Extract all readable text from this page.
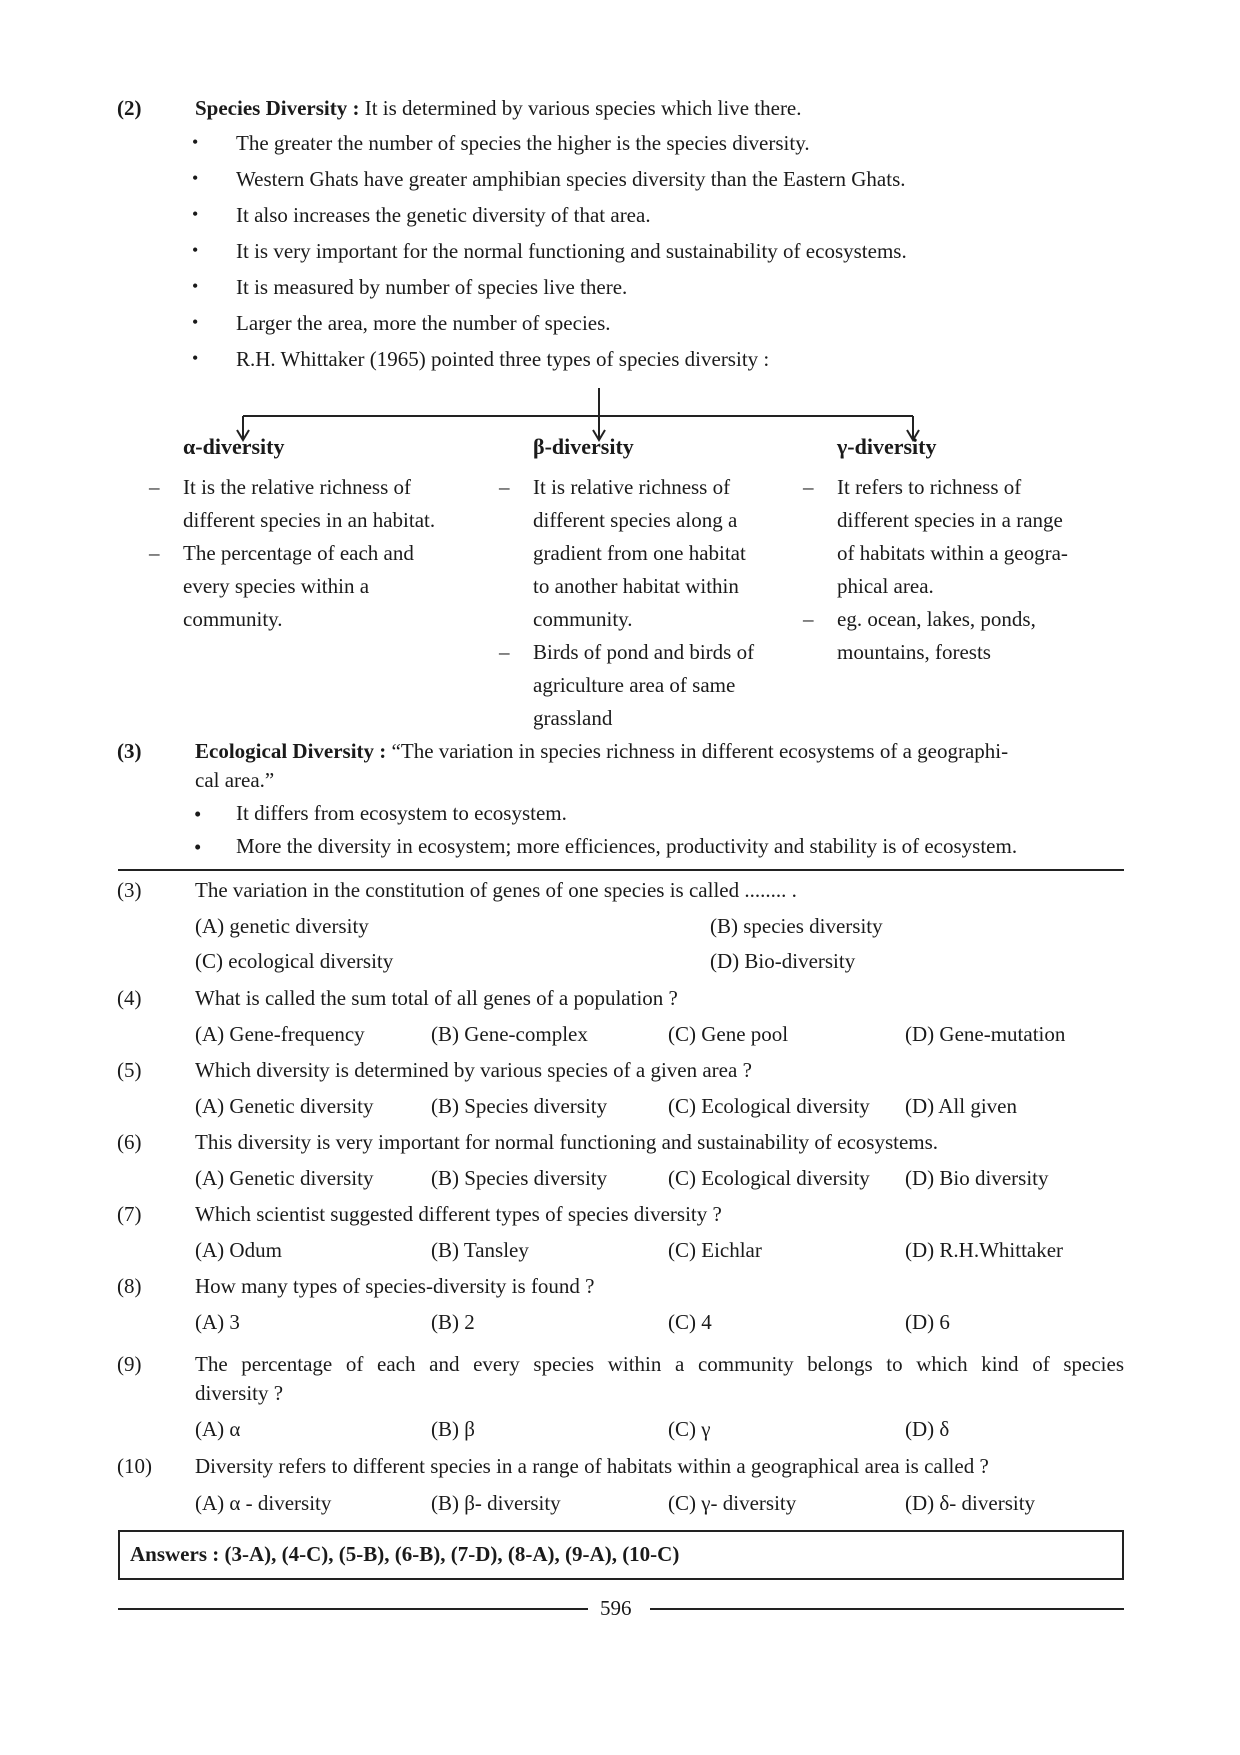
(2)	Species Diversity : It is determined by various species which live there.
• The greater the number of species the higher is the species diversity.
• Western Ghats have greater amphibian species diversity than the Eastern Ghats.
• It also increases the genetic diversity of that area.
• It is very important for the normal functioning and sustainability of ecosystems.
• It is measured by number of species live there.
• Larger the area, more the number of species.
• R.H. Whittaker (1965) pointed three types of species diversity :
α-diversity
– It is the relative richness of
different species in an habitat.
– The percentage of each and
every species within a
community.
β-diversity
– It is relative richness of
different species along a
gradient from one habitat
to another habitat within
community.
– Birds of pond and birds of
agriculture area of same
grassland
γ-diversity
– It refers to richness of
different species in a range
of habitats within a geogra-
phical area.
– eg. ocean, lakes, ponds,
mountains, forests
(3)	Ecological Diversity : “The variation in species richness in different ecosystems of a geographi-
cal area.”
• It differs from ecosystem to ecosystem.
• More the diversity in ecosystem; more efficiences, productivity and stability is of ecosystem.
(3)	The variation in the constitution of genes of one species is called ........ .
(A) genetic diversity	(B) species diversity
(C) ecological diversity	(D) Bio-diversity
(4)	What is called the sum total of all genes of a population ?
(A) Gene-frequency	(B) Gene-complex	(C) Gene pool	(D) Gene-mutation
(5)	Which diversity is determined by various species of a given area ?
(A) Genetic diversity	(B) Species diversity	(C) Ecological diversity (D) All given
(6)	This diversity is very important for normal functioning and sustainability of ecosystems.
(A) Genetic diversity	(B) Species diversity	(C) Ecological diversity (D) Bio diversity
(7)	Which scientist suggested different types of species diversity ?
(A) Odum	(B) Tansley	(C) Eichlar	(D) R.H.Whittaker
(8)	How many types of species-diversity is found ?
(A) 3	(B) 2	(C) 4	(D) 6
(9)	The percentage of each and every species within a community belongs to which kind of species
diversity ?
(A) α	(B) β	(C) γ	(D) δ
(10) Diversity refers to different species in a range of habitats within a geographical area is called ?
(A) α - diversity	(B) β- diversity	(C) γ- diversity	(D) δ- diversity
Answers : (3-A), (4-C), (5-B), (6-B), (7-D), (8-A), (9-A), (10-C)
596
